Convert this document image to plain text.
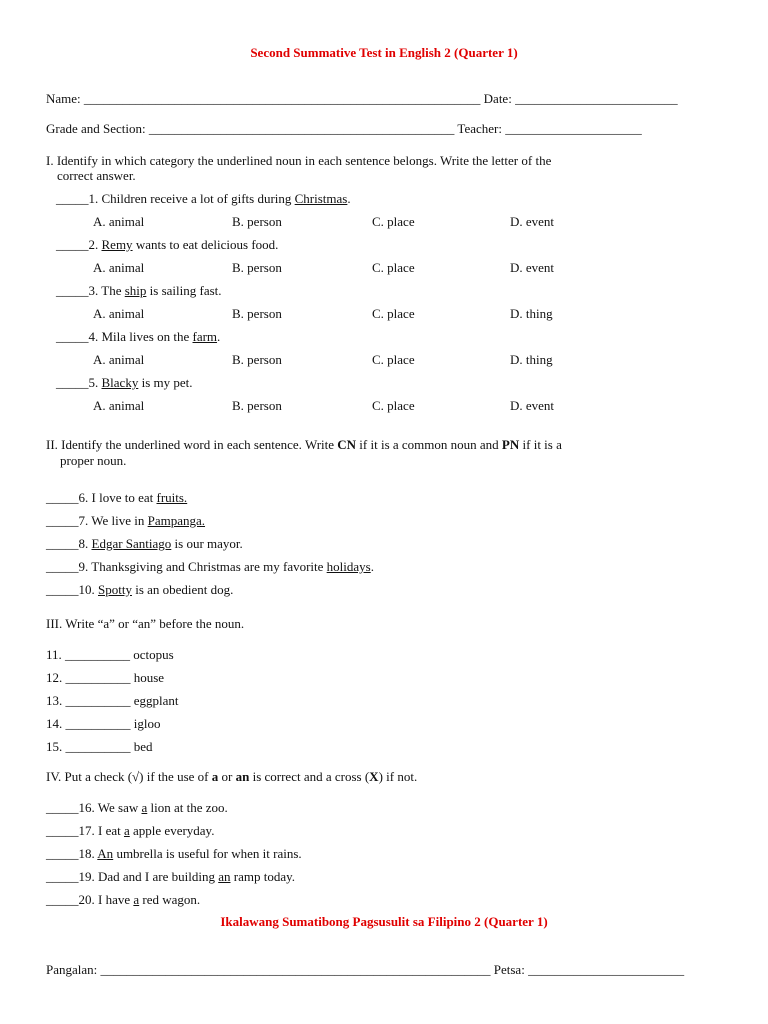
Second Summative Test in English 2 (Quarter 1)
Name: _____________________________________________________________ Date: _________________________
Grade and Section: _______________________________________________ Teacher: _____________________
I. Identify in which category the underlined noun in each sentence belongs. Write the letter of the
correct answer.
_____1. Children receive a lot of gifts during Christmas.
A. animal	B. person	C. place	D. event
_____2. Remy wants to eat delicious food.
A. animal	B. person	C. place	D. event
_____3. The ship is sailing fast.
A. animal	B. person	C. place	D. thing
_____4. Mila lives on the farm.
A. animal	B. person	C. place	D. thing
_____5. Blacky is my pet.
A. animal	B. person	C. place	D. event
II. Identify the underlined word in each sentence. Write CN if it is a common noun and PN if it is a
proper noun.
_____6. I love to eat fruits.
_____7. We live in Pampanga.
_____8. Edgar Santiago is our mayor.
_____9. Thanksgiving and Christmas are my favorite holidays.
_____10. Spotty is an obedient dog.
III. Write “a” or “an” before the noun.
11. __________ octopus
12. __________ house
13. __________ eggplant
14. __________ igloo
15. __________ bed
IV. Put a check (√) if the use of a or an is correct and a cross (X) if not.
_____16. We saw a lion at the zoo.
_____17. I eat a apple everyday.
_____18. An umbrella is useful for when it rains.
_____19. Dad and I are building an ramp today.
_____20. I have a red wagon.
Ikalawang Sumatibong Pagsusulit sa Filipino 2 (Quarter 1)
Pangalan: ____________________________________________________________ Petsa: ________________________
